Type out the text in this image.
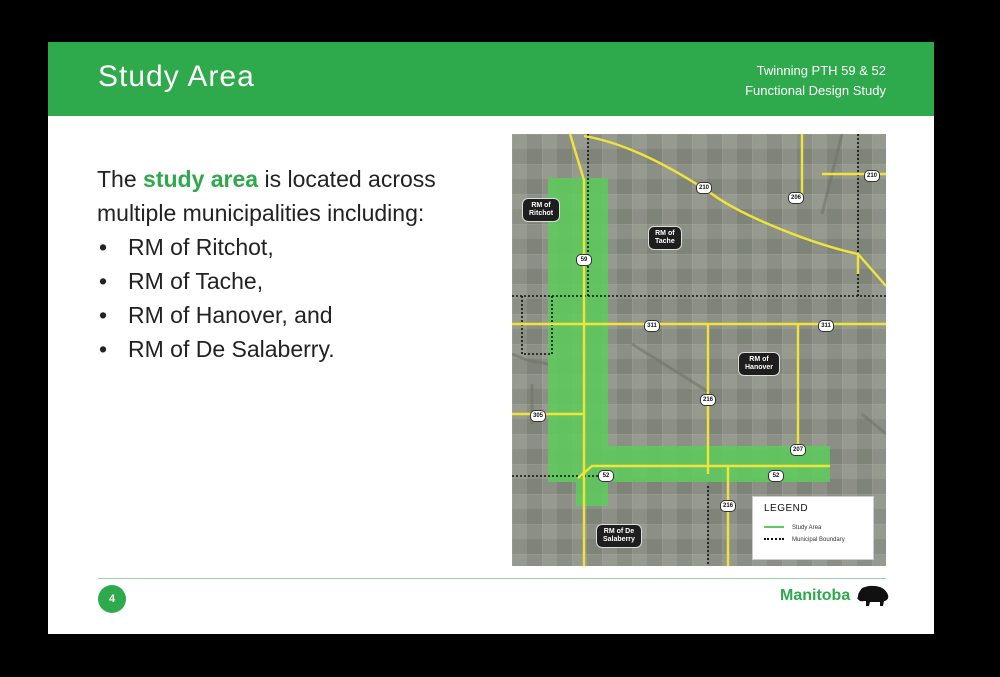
Study Area	Twinning PTH 59 & 52
Functional Design Study
The study area is located across multiple municipalities including:
• RM of Ritchot,
• RM of Tache,
• RM of Hanover, and
• RM of De Salaberry.
RM of
Ritchot
RM of
Tache
RM of
Hanover
RM of De
Salaberry
210
210
206
59
311	311
216
216
305
207
52	52
LEGEND
Study Area
Municipal Boundary
4	Manitoba
